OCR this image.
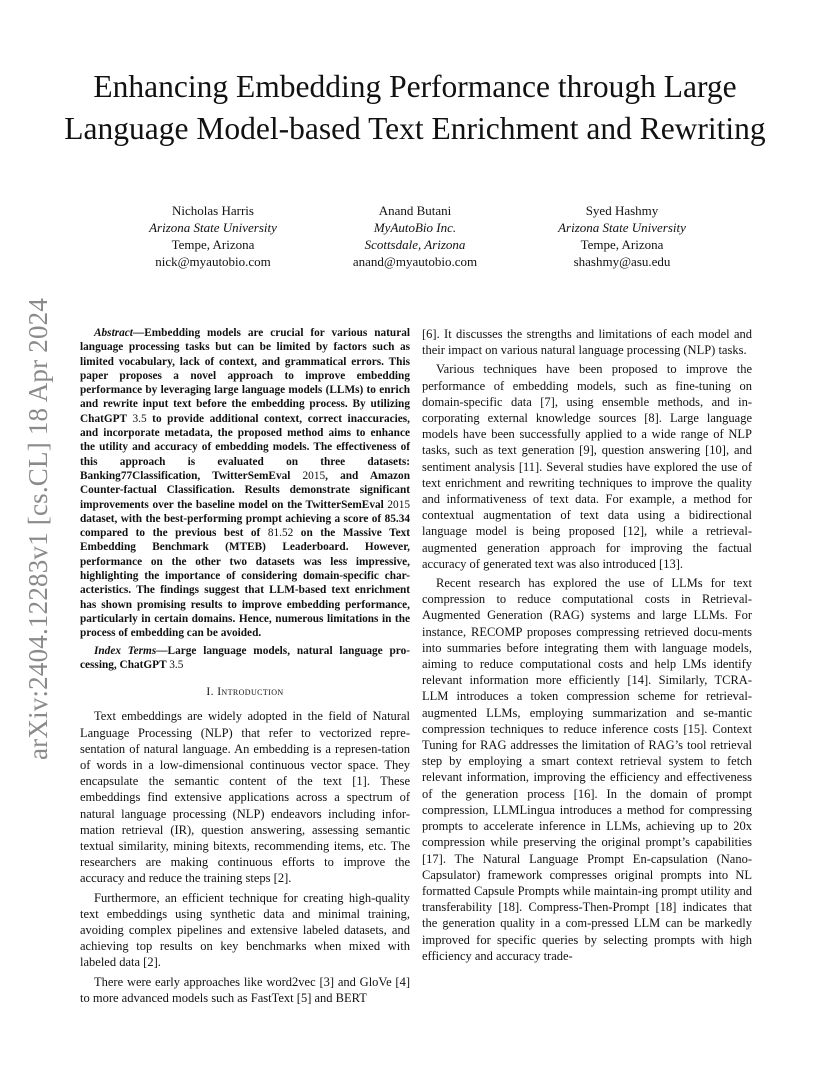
arXiv:2404.12283v1 [cs.CL] 18 Apr 2024
Enhancing Embedding Performance through Large Language Model-based Text Enrichment and Rewriting
Nicholas Harris
Arizona State University
Tempe, Arizona
nick@myautobio.com
Anand Butani
MyAutoBio Inc.
Scottsdale, Arizona
anand@myautobio.com
Syed Hashmy
Arizona State University
Tempe, Arizona
shashmy@asu.edu

Abstract—Embedding models are crucial for various natural language processing tasks but can be limited by factors such as limited vocabulary, lack of context, and grammatical errors. This paper proposes a novel approach to improve embedding performance by leveraging large language models (LLMs) to enrich and rewrite input text before the embedding process. By utilizing ChatGPT 3.5 to provide additional context, correct inaccuracies, and incorporate metadata, the proposed method aims to enhance the utility and accuracy of embedding models. The effectiveness of this approach is evaluated on three datasets: Banking77Classification, TwitterSemEval 2015, and Amazon Counter-factual Classification. Results demonstrate significant improvements over the baseline model on the TwitterSemEval 2015 dataset, with the best-performing prompt achieving a score of 85.34 compared to the previous best of 81.52 on the Massive Text Embedding Benchmark (MTEB) Leaderboard. However, performance on the other two datasets was less impressive, highlighting the importance of considering domain-specific char-acteristics. The findings suggest that LLM-based text enrichment has shown promising results to improve embedding performance, particularly in certain domains. Hence, numerous limitations in the process of embedding can be avoided.

Index Terms—Large language models, natural language pro-cessing, ChatGPT 3.5

I. Introduction

Text embeddings are widely adopted in the field of Natural Language Processing (NLP) that refer to vectorized repre-sentation of natural language. An embedding is a represen-tation of words in a low-dimensional continuous vector space. They encapsulate the semantic content of the text [1]. These embeddings find extensive applications across a spectrum of natural language processing (NLP) endeavors including infor-mation retrieval (IR), question answering, assessing semantic textual similarity, mining bitexts, recommending items, etc. The researchers are making continuous efforts to improve the accuracy and reduce the training steps [2].

Furthermore, an efficient technique for creating high-quality text embeddings using synthetic data and minimal training, avoiding complex pipelines and extensive labeled datasets, and achieving top results on key benchmarks when mixed with labeled data [2].

There were early approaches like word2vec [3] and GloVe [4] to more advanced models such as FastText [5] and BERT

[6]. It discusses the strengths and limitations of each model and their impact on various natural language processing (NLP) tasks.

Various techniques have been proposed to improve the performance of embedding models, such as fine-tuning on domain-specific data [7], using ensemble methods, and in-corporating external knowledge sources [8]. Large language models have been successfully applied to a wide range of NLP tasks, such as text generation [9], question answering [10], and sentiment analysis [11]. Several studies have explored the use of text enrichment and rewriting techniques to improve the quality and informativeness of text data. For example, a method for contextual augmentation of text data using a bidirectional language model is being proposed [12], while a retrieval-augmented generation approach for improving the factual accuracy of generated text was also introduced [13].

Recent research has explored the use of LLMs for text compression to reduce computational costs in Retrieval-Augmented Generation (RAG) systems and large LLMs. For instance, RECOMP proposes compressing retrieved docu-ments into summaries before integrating them with language models, aiming to reduce computational costs and help LMs identify relevant information more efficiently [14]. Similarly, TCRA-LLM introduces a token compression scheme for retrieval-augmented LLMs, employing summarization and se-mantic compression techniques to reduce inference costs [15]. Context Tuning for RAG addresses the limitation of RAG’s tool retrieval step by employing a smart context retrieval system to fetch relevant information, improving the efficiency and effectiveness of the generation process [16]. In the domain of prompt compression, LLMLingua introduces a method for compressing prompts to accelerate inference in LLMs, achieving up to 20x compression while preserving the original prompt’s capabilities [17]. The Natural Language Prompt En-capsulation (Nano-Capsulator) framework compresses original prompts into NL formatted Capsule Prompts while maintain-ing prompt utility and transferability [18]. Compress-Then-Prompt [18] indicates that the generation quality in a com-pressed LLM can be markedly improved for specific queries by selecting prompts with high efficiency and accuracy trade-
